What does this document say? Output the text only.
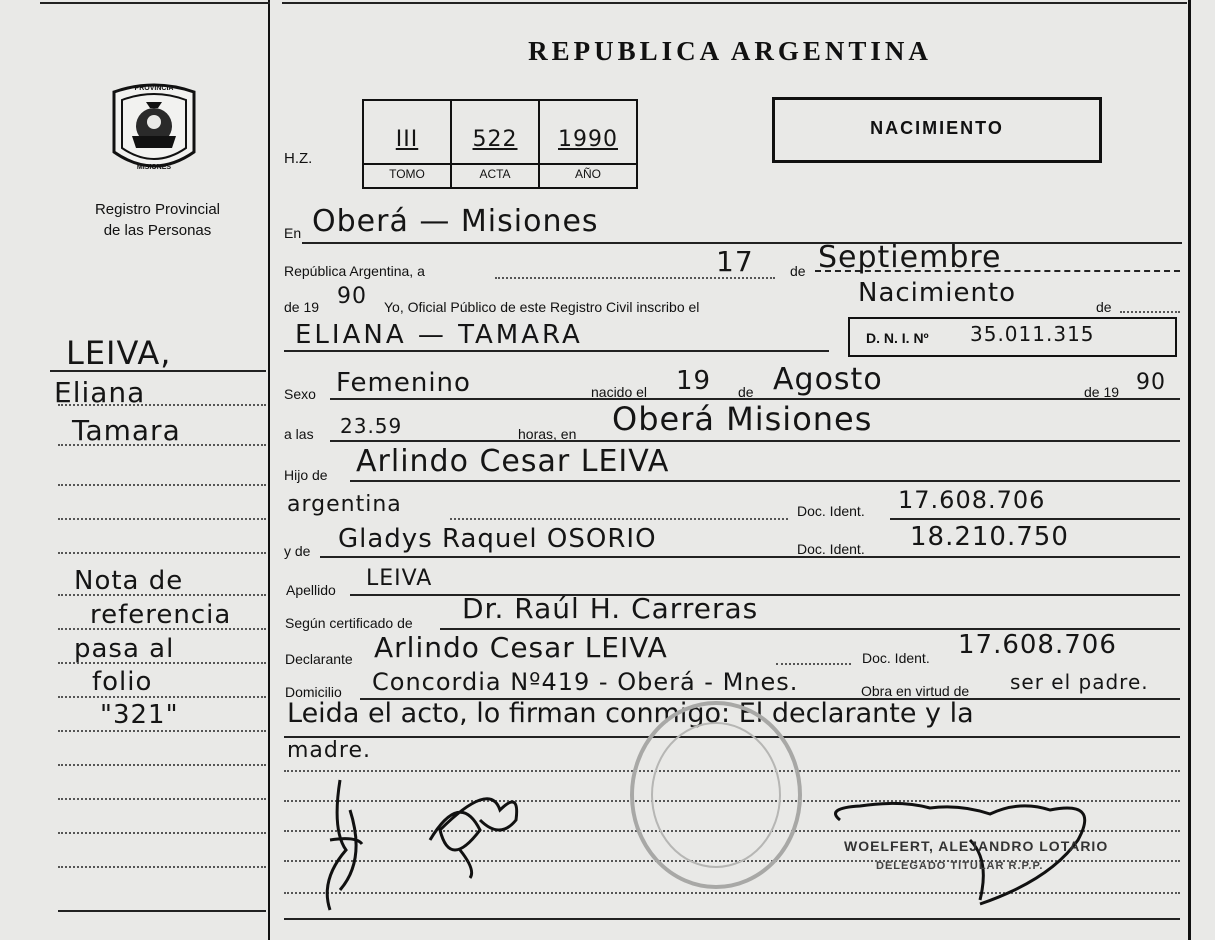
PROVINCIA
MISIONES
Registro Provincial
de las Personas
REPUBLICA ARGENTINA
H.Z.
III	522	1990
TOMO	ACTA	AÑO
NACIMIENTO
En Oberá — Misiones
República Argentina, a	17	de Septiembre
de 19 90 Yo, Oficial Público de este Registro Civil inscribo el	Nacimiento	de
ELIANA — TAMARA	D. N. I. Nº 35.011.315
Sexo Femenino	nacido el 19 de Agosto	de 19 90
a las 23.59	horas, en Oberá Misiones
Hijo de Arlindo Cesar LEIVA
argentina	Doc. Ident. 17.608.706
y de Gladys Raquel OSORIO	Doc. Ident. 18.210.750
Apellido LEIVA
Según certificado de Dr. Raúl H. Carreras
Declarante Arlindo Cesar LEIVA	Doc. Ident. 17.608.706
Domicilio Concordia Nº419 - Oberá - Mnes.	Obra en virtud de ser el padre.
Leida el acto, lo firman conmigo: El declarante y la
madre.
LEIVA,
Eliana
Tamara
Nota de
referencia
pasa al
folio
"321"
WOELFERT, ALEJANDRO LOTARIO
DELEGADO TITULAR R.P.P.
